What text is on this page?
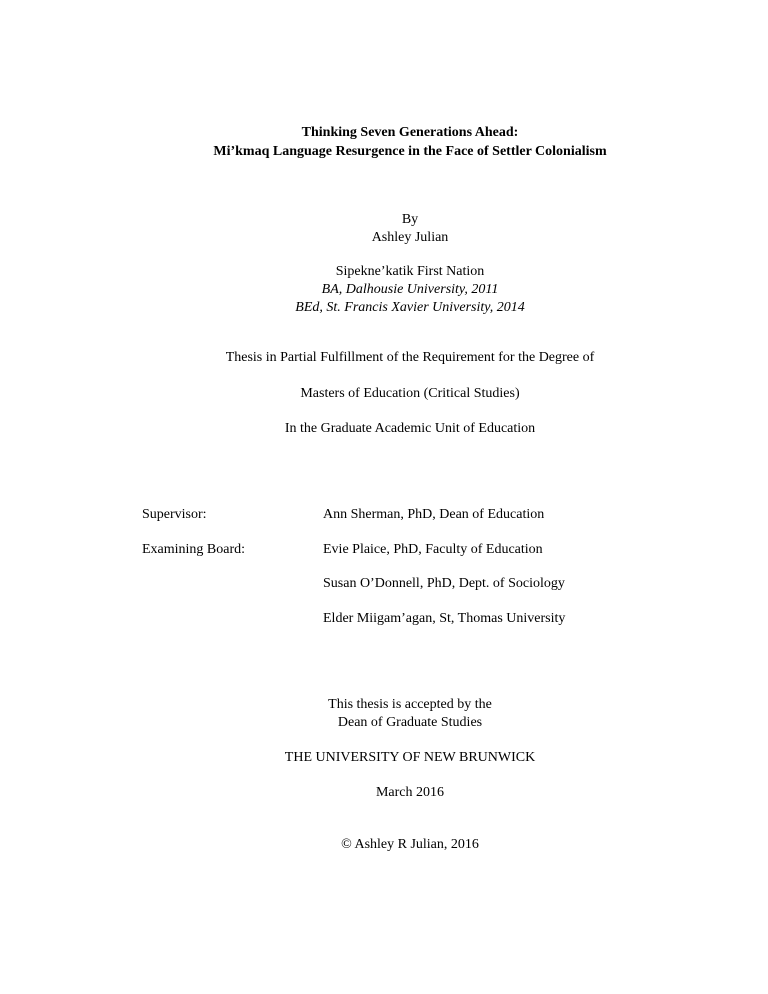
Thinking Seven Generations Ahead:
Mi’kmaq Language Resurgence in the Face of Settler Colonialism
By
Ashley Julian
Sipekne’katik First Nation
BA, Dalhousie University, 2011
BEd, St. Francis Xavier University, 2014
Thesis in Partial Fulfillment of the Requirement for the Degree of
Masters of Education (Critical Studies)
In the Graduate Academic Unit of Education
Supervisor:	Ann Sherman, PhD, Dean of Education
Examining Board:	Evie Plaice, PhD, Faculty of Education
Susan O’Donnell, PhD, Dept. of Sociology
Elder Miigam’agan, St, Thomas University
This thesis is accepted by the
Dean of Graduate Studies
THE UNIVERSITY OF NEW BRUNWICK
March 2016
© Ashley R Julian, 2016
